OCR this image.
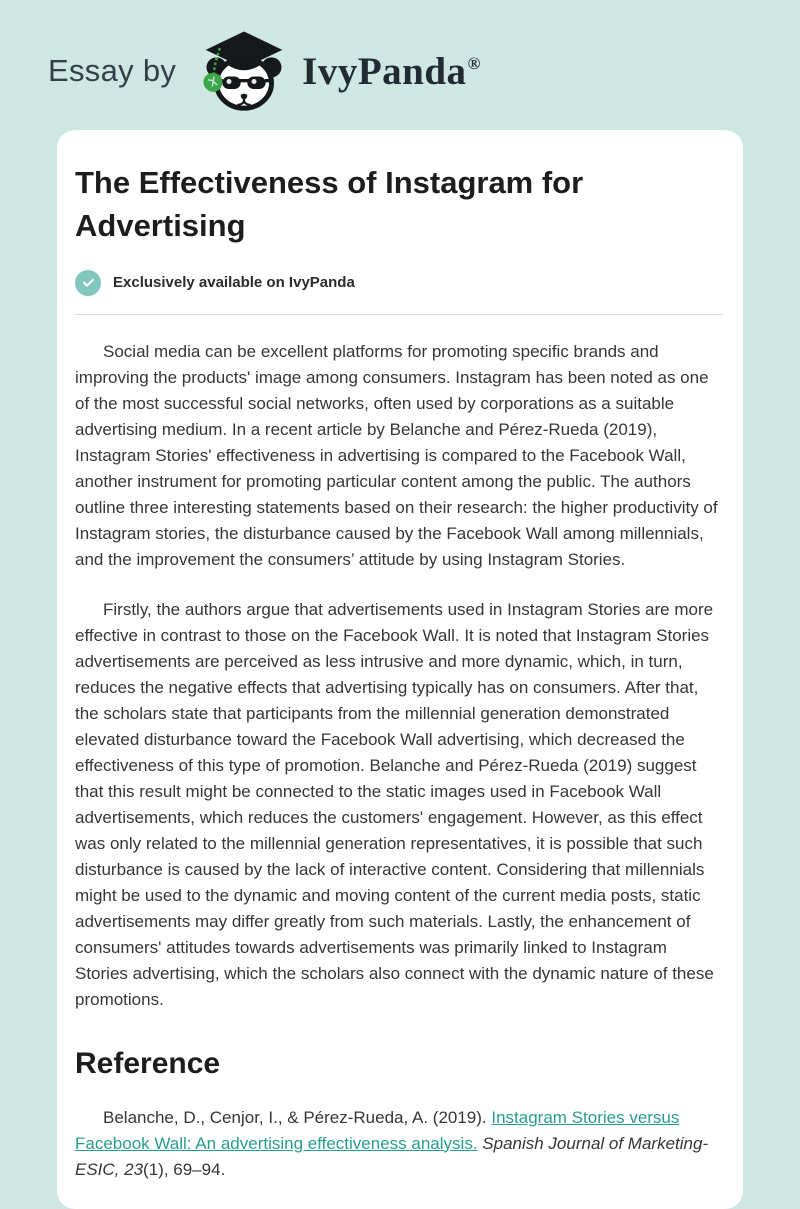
Essay by	IvyPanda®
The Effectiveness of Instagram for Advertising
Exclusively available on IvyPanda

Social media can be excellent platforms for promoting specific brands and improving the products' image among consumers. Instagram has been noted as one of the most successful social networks, often used by corporations as a suitable advertising medium. In a recent article by Belanche and Pérez-Rueda (2019), Instagram Stories' effectiveness in advertising is compared to the Facebook Wall, another instrument for promoting particular content among the public. The authors outline three interesting statements based on their research: the higher productivity of Instagram stories, the disturbance caused by the Facebook Wall among millennials, and the improvement the consumers’ attitude by using Instagram Stories.

Firstly, the authors argue that advertisements used in Instagram Stories are more effective in contrast to those on the Facebook Wall. It is noted that Instagram Stories advertisements are perceived as less intrusive and more dynamic, which, in turn, reduces the negative effects that advertising typically has on consumers. After that, the scholars state that participants from the millennial generation demonstrated elevated disturbance toward the Facebook Wall advertising, which decreased the effectiveness of this type of promotion. Belanche and Pérez-Rueda (2019) suggest that this result might be connected to the static images used in Facebook Wall advertisements, which reduces the customers' engagement. However, as this effect was only related to the millennial generation representatives, it is possible that such disturbance is caused by the lack of interactive content. Considering that millennials might be used to the dynamic and moving content of the current media posts, static advertisements may differ greatly from such materials. Lastly, the enhancement of consumers' attitudes towards advertisements was primarily linked to Instagram Stories advertising, which the scholars also connect with the dynamic nature of these promotions.

Reference

Belanche, D., Cenjor, I., & Pérez-Rueda, A. (2019). Instagram Stories versus Facebook Wall: An advertising effectiveness analysis. Spanish Journal of Marketing-ESIC, 23(1), 69–94.
